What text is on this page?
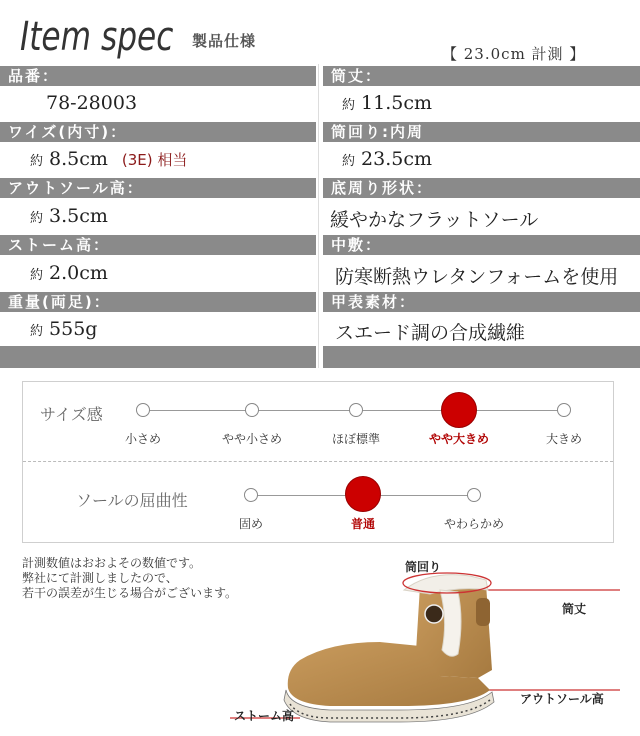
Item spec 製品仕様
【 23.0cm 計測 】
品番：
78-28003
ワイズ(内寸)：
約 8.5cm (3E) 相当
アウトソール高：
約 3.5cm
ストーム高：
約 2.0cm
重量(両足)：
約 555g
筒丈：
約 11.5cm
筒回り:内周
約 23.5cm
底周り形状：
緩やかなフラットソール
中敷：
防寒断熱ウレタンフォームを使用
甲表素材：
スエード調の合成繊維
サイズ感
小さめ	やや小さめ	ほぼ標準	やや大きめ	大きめ
ソールの屈曲性
固め	普通	やわらかめ
計測数値はおおよその数値です。
弊社にて計測しましたので、
若干の誤差が生じる場合がございます。
筒回り
筒丈
アウトソール高
ストーム高
